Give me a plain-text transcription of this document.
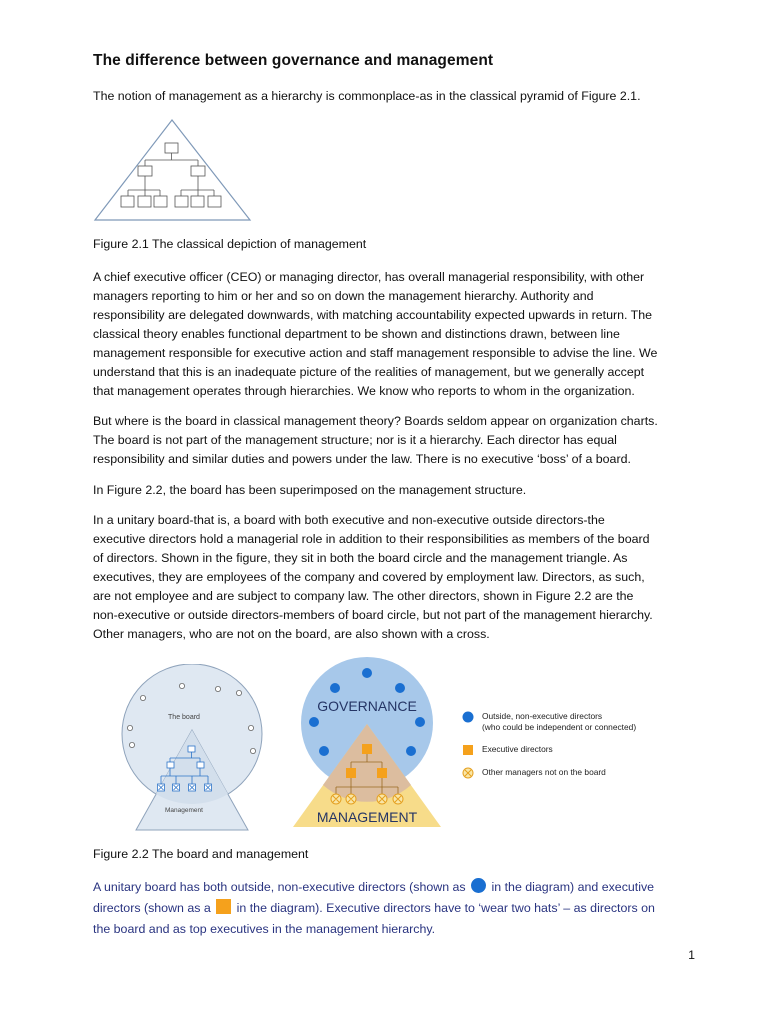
The difference between governance and management
The notion of management as a hierarchy is commonplace-as in the classical pyramid of Figure 2.1.
Figure 2.1 The classical depiction of management
A chief executive officer (CEO) or managing director, has overall managerial responsibility, with other
managers reporting to him or her and so on down the management hierarchy. Authority and
responsibility are delegated downwards, with matching accountability expected upwards in return. The
classical theory enables functional department to be shown and distinctions drawn, between line
management responsible for executive action and staff management responsible to advise the line. We
understand that this is an inadequate picture of the realities of management, but we generally accept
that management operates through hierarchies. We know who reports to whom in the organization.
But where is the board in classical management theory? Boards seldom appear on organization charts.
The board is not part of the management structure; nor is it a hierarchy. Each director has equal
responsibility and similar duties and powers under the law. There is no executive ‘boss’ of a board.
In Figure 2.2, the board has been superimposed on the management structure.
In a unitary board-that is, a board with both executive and non-executive outside directors-the
executive directors hold a managerial role in addition to their responsibilities as members of the board
of directors. Shown in the figure, they sit in both the board circle and the management triangle. As
executives, they are employees of the company and covered by employment law. Directors, as such,
are not employee and are subject to company law. The other directors, shown in Figure 2.2 are the
non-executive or outside directors-members of board circle, but not part of the management hierarchy.
Other managers, who are not on the board, are also shown with a cross.
The board
Management
GOVERNANCE
MANAGEMENT
Outside, non-executive directors
(who could be independent or connected)
Executive directors
Other managers not on the board
Figure 2.2 The board and management
A unitary board has both outside, non-executive directors (shown as  in the diagram) and executive
directors (shown as a  in the diagram). Executive directors have to ‘wear two hats’ – as directors on
the board and as top executives in the management hierarchy.
1
